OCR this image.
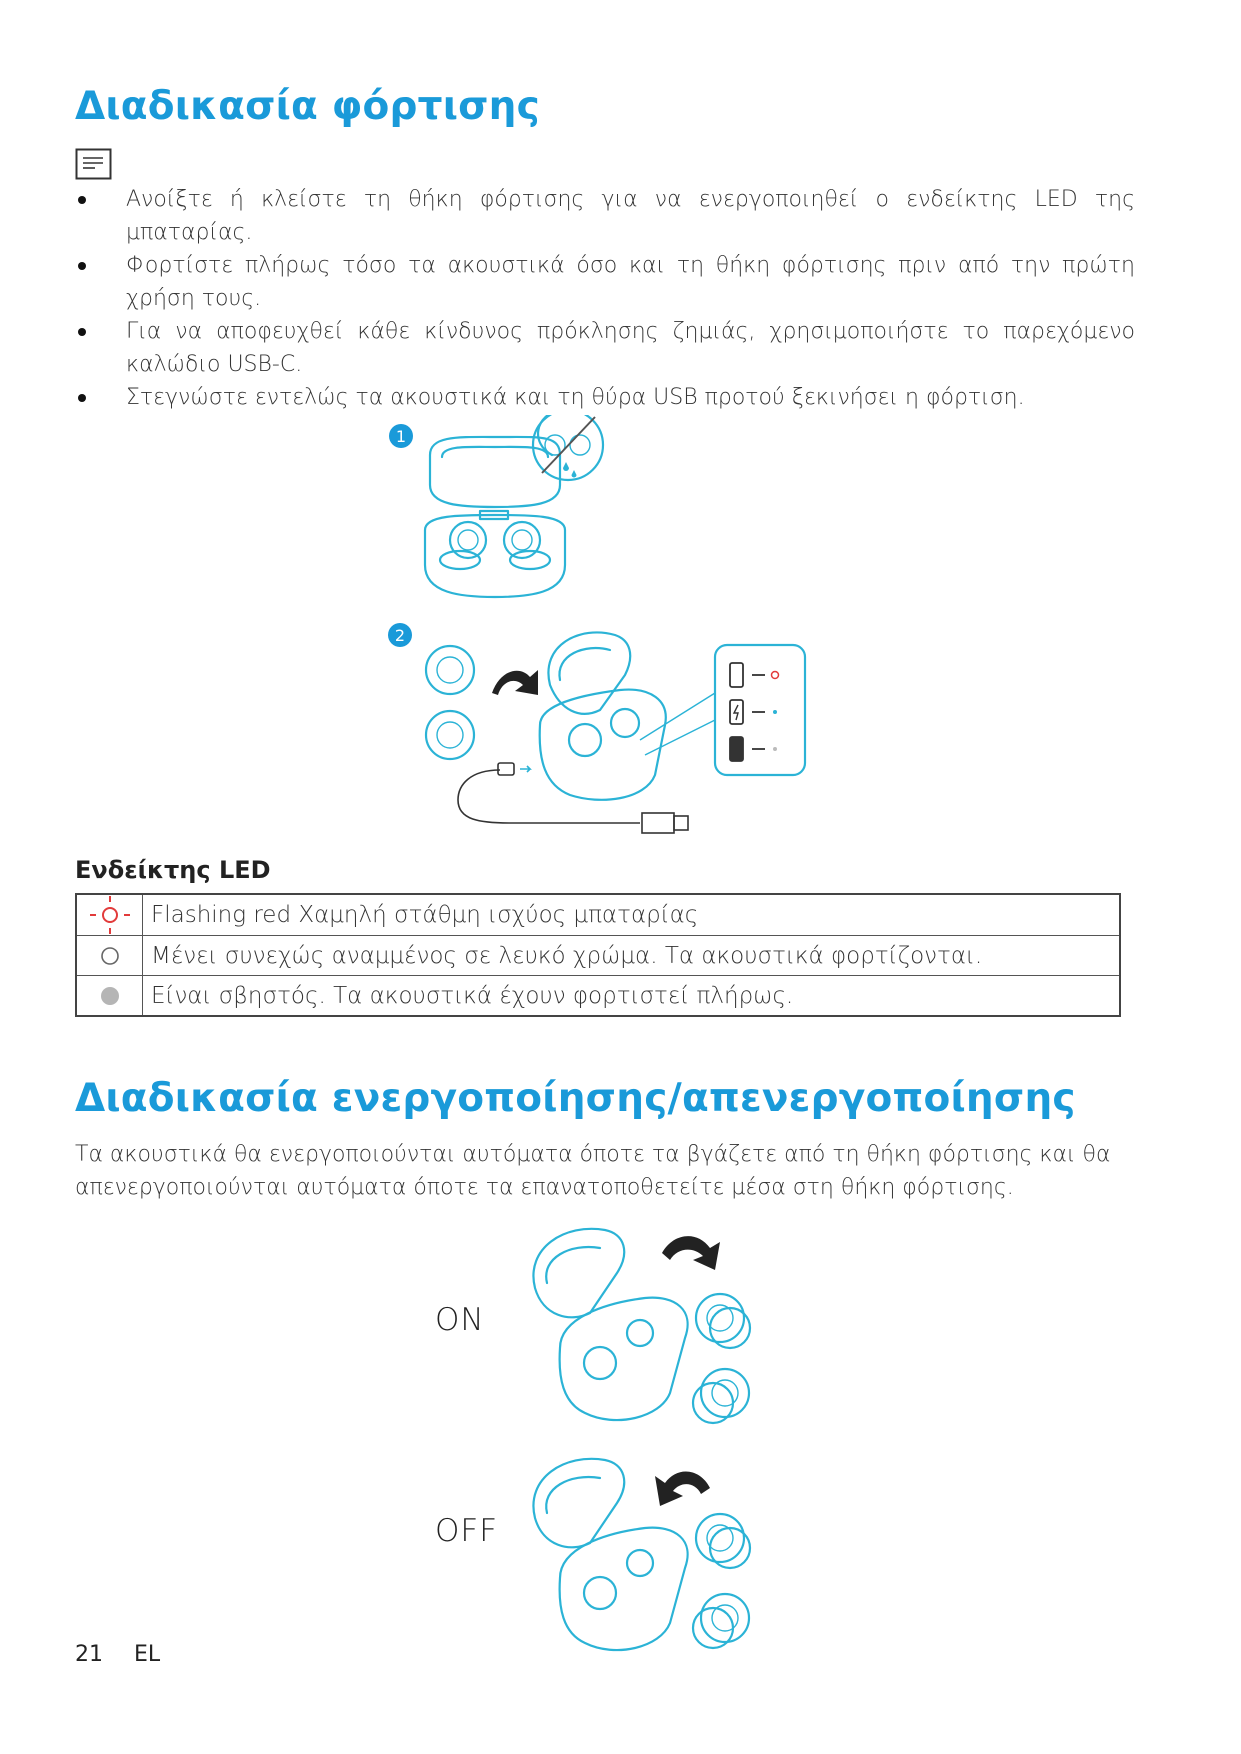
Διαδικασία φόρτισης
Ανοίξτε ή κλείστε τη θήκη φόρτισης για να ενεργοποιηθεί ο ενδείκτης LED της μπαταρίας.
Φορτίστε πλήρως τόσο τα ακουστικά όσο και τη θήκη φόρτισης πριν από την πρώτη χρήση τους.
Για να αποφευχθεί κάθε κίνδυνος πρόκλησης ζημιάς, χρησιμοποιήστε το παρεχόμενο καλώδιο USB-C.
Στεγνώστε εντελώς τα ακουστικά και τη θύρα USB προτού ξεκινήσει η φόρτιση.
1
2
Ενδείκτης LED
	Flashing red Χαμηλή στάθμη ισχύος μπαταρίας

	Μένει συνεχώς αναμμένος σε λευκό χρώμα. Τα ακουστικά φορτίζονται.

	Είναι σβηστός. Τα ακουστικά έχουν φορτιστεί πλήρως.
Διαδικασία ενεργοποίησης/απενεργοποίησης

Τα ακουστικά θα ενεργοποιούνται αυτόματα όποτε τα βγάζετε από τη θήκη φόρτισης και θα απενεργοποιούνται αυτόματα όποτε τα επανατοποθετείτε μέσα στη θήκη φόρτισης.

ON

OFF

21 EL
